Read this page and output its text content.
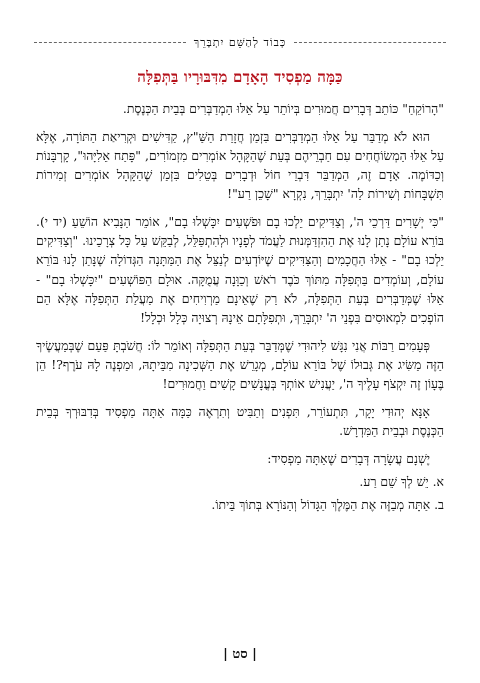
כְּבוֹד לְהַשֵּׁם יִתְבָּרֵךְ
כַּמָּה מַפְסִיד הָאָדָם מִדִּבּוּרָיו בַּתְּפִלָּה

"הָרוֹקֵחַ" כּוֹתֵב דְּבָרִים חֲמוּרִים בְּיוֹתֵר עַל אֵלּוּ הַמְדַבְּרִים בְּבֵית הַכְּנֶסֶת.

הוּא לֹא מְדַבֵּר עַל אֵלּוּ הַמְדַבְּרִים בִּזְמַן חֲזָרַת הַשַּׁ"ץ, קַדִּישִׁים וּקְרִיאַת הַתּוֹרָה, אֶלָּא עַל אֵלּוּ הַמְשׂוֹחֲחִים עִם חַבְרֵיהֶם בְּעֵת שֶׁהַקָּהָל אוֹמְרִים מִזְמוֹרִים, "פָּתַח אֵלִיָּהוּ", קָרְבָּנוֹת וְכַדּוֹמֶה. אָדָם זֶה, הַמְדַבֵּר דִּבְרֵי חוֹל וּדְבָרִים בְּטֵלִים בִּזְמַן שֶׁהַקָּהָל אוֹמְרִים זְמִירוֹת תִּשְׁבָּחוֹת וְשִׁירוֹת לַה' יִתְבָּרֵךְ, נִקְרָא "שָׁכֵן רַע"!

"כִּי יְשָׁרִים דַּרְכֵי ה', וְצַדִּיקִים יֵלְכוּ בָם וּפֹשְׁעִים יִכָּשְׁלוּ בָם", אוֹמֵר הַנָּבִיא הוֹשֵׁעַ (יד י). בּוֹרֵא עוֹלָם נָתַן לָנוּ אֶת הַהִזְדַּמְּנוּת לַעֲמֹד לְפָנָיו וּלְהִתְפַּלֵּל, לְבַקֵּשׁ עַל כָּל צְרָכֵינוּ. "וְצַדִּיקִים יֵלְכוּ בָם" - אֵלּוּ הַחֲכָמִים וְהַצַּדִּיקִים שֶׁיּוֹדְעִים לְנַצֵּל אֶת הַמַּתָּנָה הַגְּדוֹלָה שֶׁנָּתַן לָנוּ בּוֹרֵא עוֹלָם, וְעוֹמְדִים בַּתְּפִלָּה מִתּוֹךְ כֹּבֶד רֹאשׁ וְכַוָּנָה עֲמֻקָּה. אוּלָם הַפּוֹשְׁעִים "יִכָּשְׁלוּ בָם" - אֵלּוּ שֶׁמְּדַבְּרִים בְּעֵת הַתְּפִלָּה, לֹא רַק שֶׁאֵינָם מַרְוִיחִים אֶת מַעֲלַת הַתְּפִלָּה אֶלָּא הֵם הוֹפְכִים לִמְאוּסִים בִּפְנֵי ה' יִתְבָּרֵךְ, וּתְפִלָּתָם אֵינָהּ רְצוּיָה כְּלָל וּכְלָל!

פְּעָמִים רַבּוֹת אֲנִי נִגָּשׁ לִיהוּדִי שֶׁמְּדַבֵּר בְּעֵת הַתְּפִלָּה וְאוֹמֵר לוֹ: חֲשֹׁבְתָּ פַּעַם שֶׁבְּמַעֲשֶׂיךָ הַזֶּה מַשִּׂיג אֶת גְּבוּלוֹ שֶׁל בּוֹרֵא עוֹלָם, מְגָרֵשׁ אֶת הַשְּׁכִינָה מִבֵּיתָהּ, וּמַפְנֶה לָהּ עֹרֶף?! הֵן בֶּעָוֹן זֶה יִקְצֹף עָלֶיךָ ה', יַעֲנִישׁ אוֹתְךָ בְּעֳנָשִׁים קָשִׁים וַחֲמוּרִים!

אָנָּא יְהוּדִי יָקָר, תִּתְעוֹרֵר, תִּפְנִים וְתַבִּיט וְתִרְאֶה כַּמָּה אַתָּה מַפְסִיד בְּדִבּוּרְךָ בְּבֵית הַכְּנֶסֶת וּבְבֵית הַמִּדְרָשׁ.

יֶשְׁנָם עֲשָׂרָה דְּבָרִים שֶׁאַתָּה מַפְסִיד:

א. יֵשׁ לְךָ שֵׁם רַע.

ב. אַתָּה מְבַזֶּה אֶת הַמֶּלֶךְ הַגָּדוֹל וְהַנּוֹרָא בְּתוֹךְ בֵּיתוֹ.

| סט |
